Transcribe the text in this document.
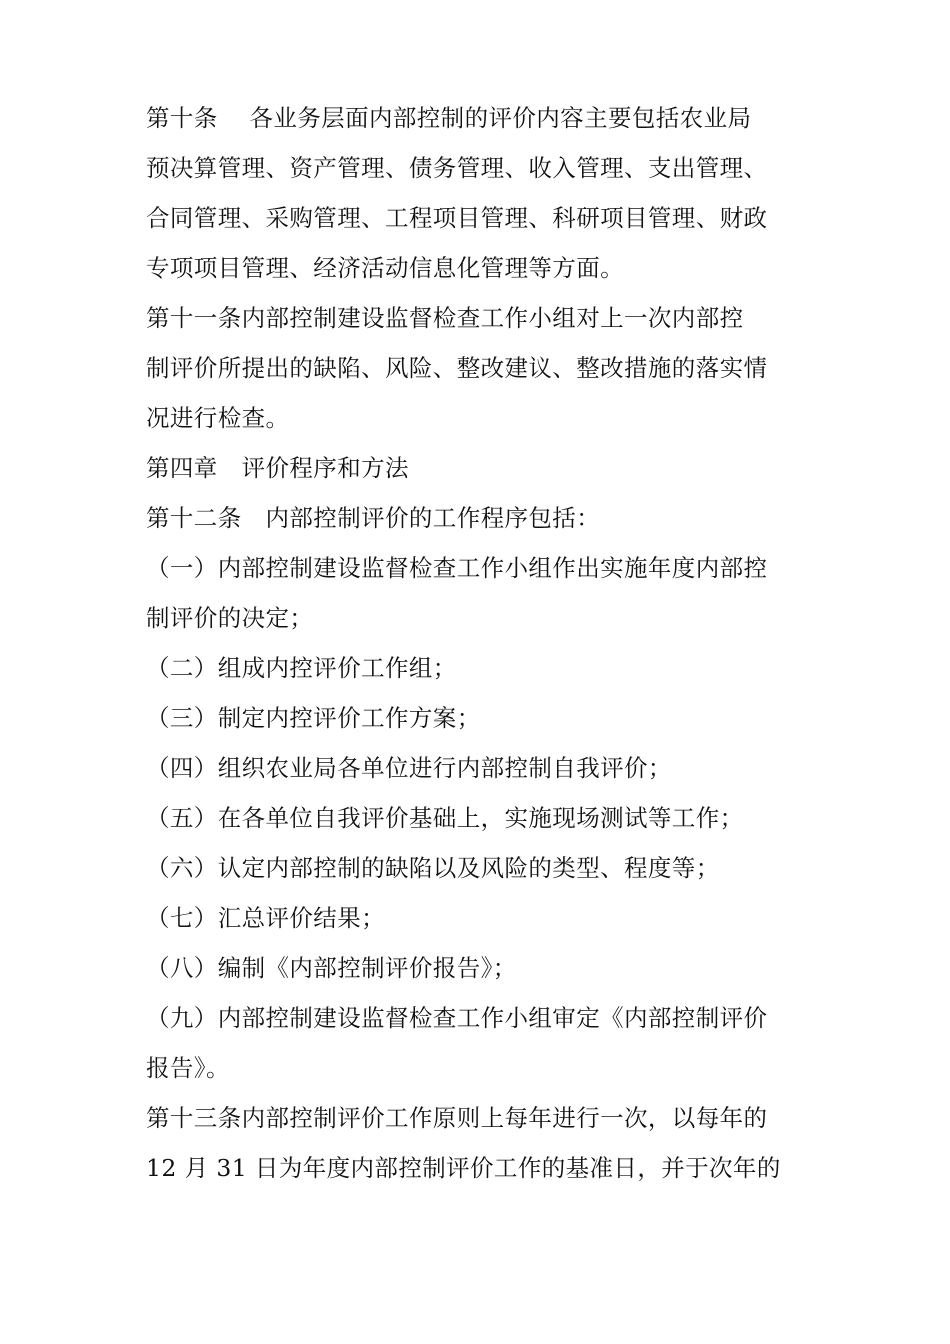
第十条　 各业务层面内部控制的评价内容主要包括农业局
预决算管理、资产管理、债务管理、收入管理、支出管理、
合同管理、采购管理、工程项目管理、科研项目管理、财政
专项项目管理、经济活动信息化管理等方面。
第十一条内部控制建设监督检查工作小组对上一次内部控
制评价所提出的缺陷、风险、整改建议、整改措施的落实情
况进行检查。
第四章　评价程序和方法
第十二条　内部控制评价的工作程序包括：
（一）内部控制建设监督检查工作小组作出实施年度内部控
制评价的决定；
（二）组成内控评价工作组；
（三）制定内控评价工作方案；
（四）组织农业局各单位进行内部控制自我评价；
（五）在各单位自我评价基础上，实施现场测试等工作；
（六）认定内部控制的缺陷以及风险的类型、程度等；
（七）汇总评价结果；
（八）编制《内部控制评价报告》；
（九）内部控制建设监督检查工作小组审定《内部控制评价
报告》。
第十三条内部控制评价工作原则上每年进行一次，以每年的
12 月 31 日为年度内部控制评价工作的基准日，并于次年的
